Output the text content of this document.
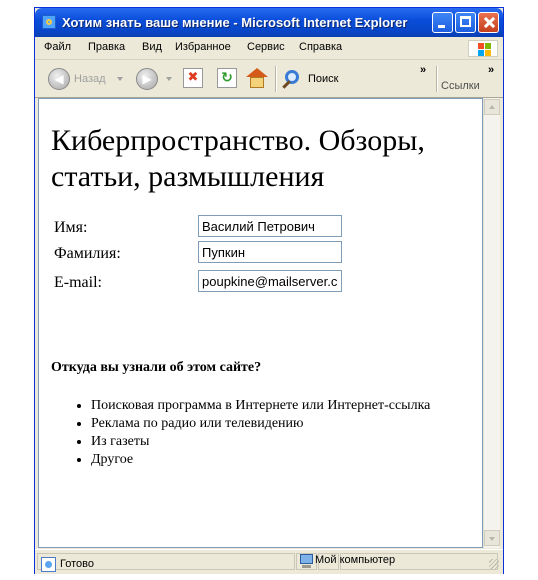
Хотим знать ваше мнение - Microsoft Internet Explorer
Файл Правка Вид Избранное Сервис Справка
◀ Назад	▶	✖	↻	Поиск
»
Ссылки
»
Киберпространство. Обзоры, статьи, размышления
Имя:
Василий Петрович
Фамилия:
Пупкин
E-mail:
poupkine@mailserver.com

Откуда вы узнали об этом сайте?

• Поисковая программа в Интернете или Интернет-ссылка
• Реклама по радио или телевидению
• Из газеты
• Другое
Готово	Мой компьютер
